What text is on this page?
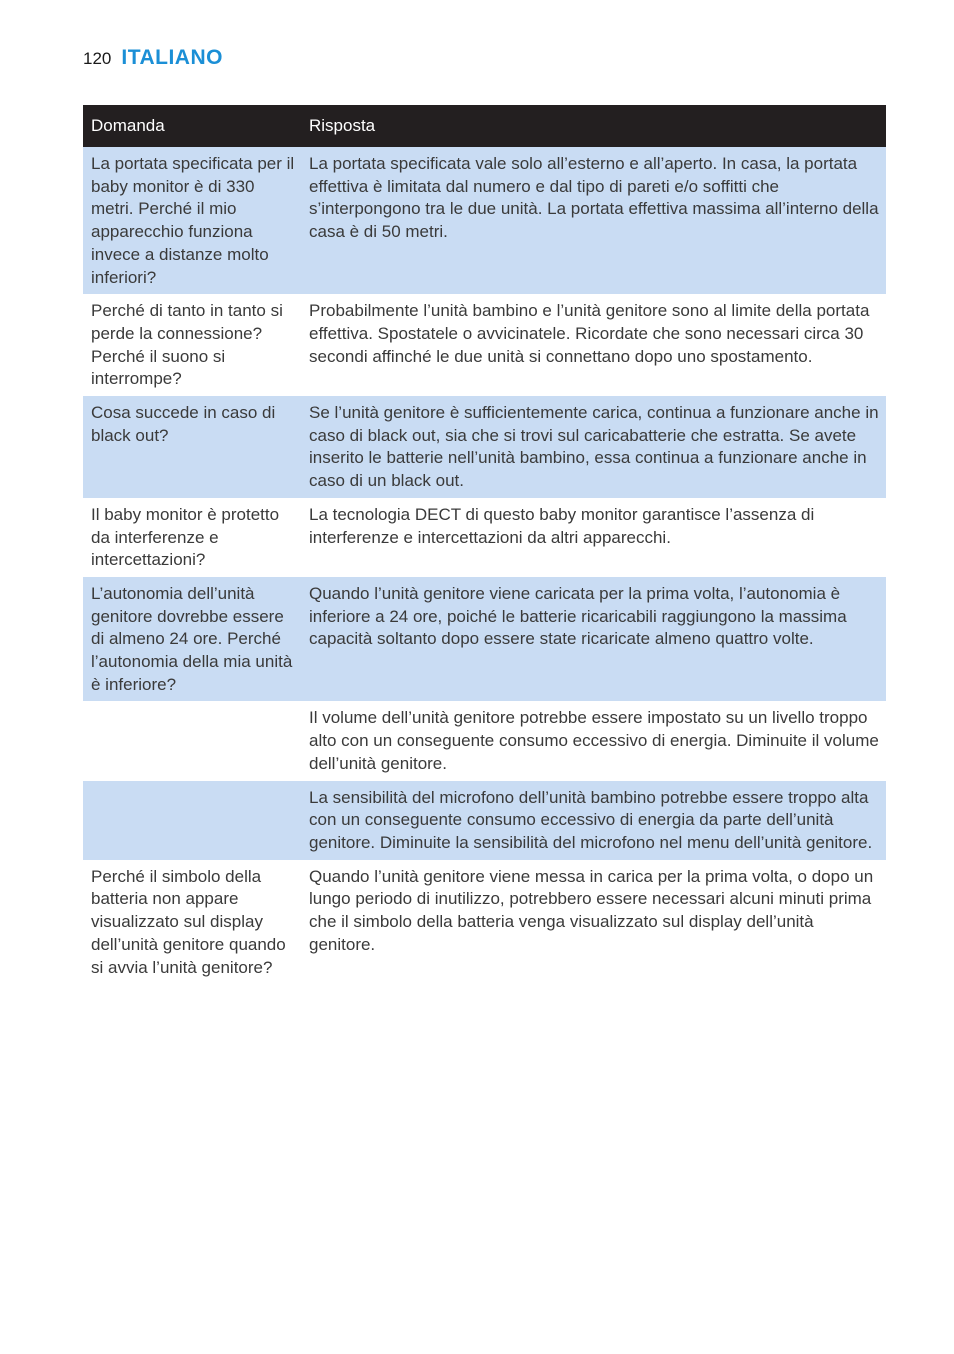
120 ITALIANO
Domanda	Risposta
La portata specificata per il baby monitor è di 330 metri. Perché il mio apparecchio funziona invece a distanze molto inferiori?	La portata specificata vale solo all’esterno e all’aperto. In casa, la portata effettiva è limitata dal numero e dal tipo di pareti e/o soffitti che s’interpongono tra le due unità. La portata effettiva massima all’interno della casa è di 50 metri.
Perché di tanto in tanto si perde la connessione? Perché il suono si interrompe?	Probabilmente l’unità bambino e l’unità genitore sono al limite della portata effettiva. Spostatele o avvicinatele. Ricordate che sono necessari circa 30 secondi affinché le due unità si connettano dopo uno spostamento.
Cosa succede in caso di black out?	Se l’unità genitore è sufficientemente carica, continua a funzionare anche in caso di black out, sia che si trovi sul caricabatterie che estratta. Se avete inserito le batterie nell’unità bambino, essa continua a funzionare anche in caso di un black out.
Il baby monitor è protetto da interferenze e intercettazioni?	La tecnologia DECT di questo baby monitor garantisce l’assenza di interferenze e intercettazioni da altri apparecchi.
L’autonomia dell’unità genitore dovrebbe essere di almeno 24 ore. Perché l’autonomia della mia unità è inferiore?	Quando l’unità genitore viene caricata per la prima volta, l’autonomia è inferiore a 24 ore, poiché le batterie ricaricabili raggiungono la massima capacità soltanto dopo essere state ricaricate almeno quattro volte.
	Il volume dell’unità genitore potrebbe essere impostato su un livello troppo alto con un conseguente consumo eccessivo di energia. Diminuite il volume dell’unità genitore.
	La sensibilità del microfono dell’unità bambino potrebbe essere troppo alta con un conseguente consumo eccessivo di energia da parte dell’unità genitore. Diminuite la sensibilità del microfono nel menu dell’unità genitore.
Perché il simbolo della batteria non appare visualizzato sul display dell’unità genitore quando si avvia l’unità genitore?	Quando l’unità genitore viene messa in carica per la prima volta, o dopo un lungo periodo di inutilizzo, potrebbero essere necessari alcuni minuti prima che il simbolo della batteria venga visualizzato sul display dell’unità genitore.
